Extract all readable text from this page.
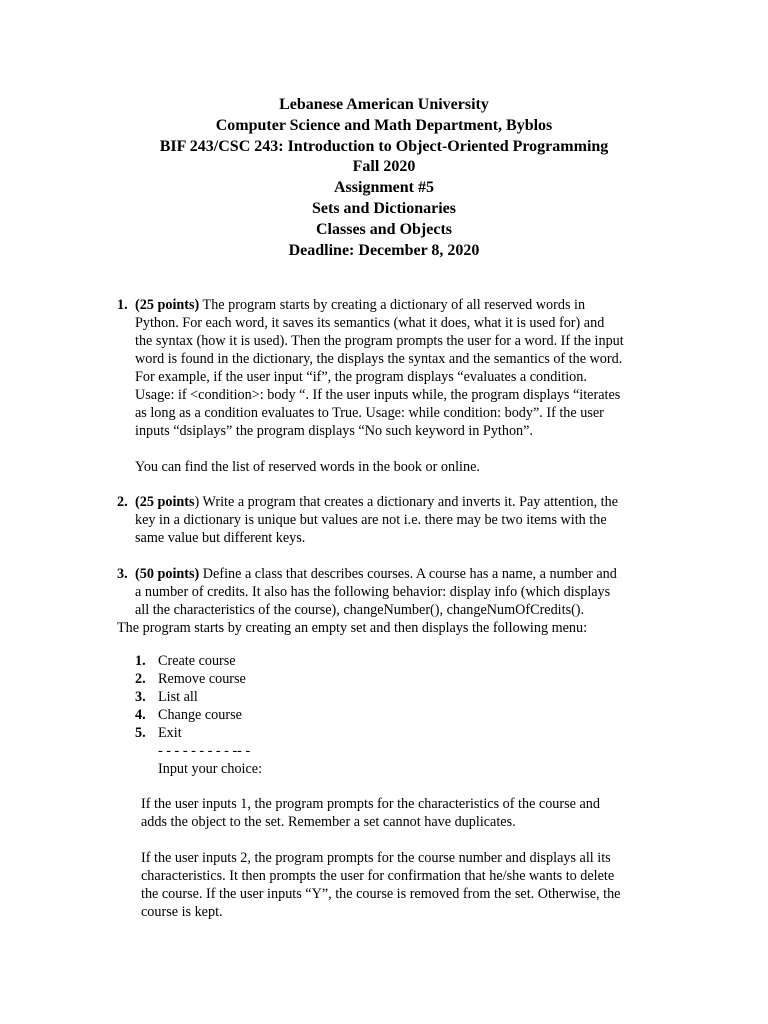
Lebanese American University
Computer Science and Math Department, Byblos
BIF 243/CSC 243: Introduction to Object-Oriented Programming
Fall 2020
Assignment #5
Sets and Dictionaries
Classes and Objects
Deadline: December 8, 2020
1. (25 points) The program starts by creating a dictionary of all reserved words in
Python. For each word, it saves its semantics (what it does, what it is used for) and
the syntax (how it is used). Then the program prompts the user for a word. If the input
word is found in the dictionary, the displays the syntax and the semantics of the word.
For example, if the user input “if”, the program displays “evaluates a condition.
Usage: if <condition>: body “. If the user inputs while, the program displays “iterates
as long as a condition evaluates to True. Usage: while condition: body”. If the user
inputs “dsiplays” the program displays “No such keyword in Python”.
You can find the list of reserved words in the book or online.
2. (25 points) Write a program that creates a dictionary and inverts it. Pay attention, the
key in a dictionary is unique but values are not i.e. there may be two items with the
same value but different keys.
3. (50 points) Define a class that describes courses. A course has a name, a number and
a number of credits. It also has the following behavior: display info (which displays
all the characteristics of the course), changeNumber(), changeNumOfCredits().
The program starts by creating an empty set and then displays the following menu:
1. Create course
2. Remove course
3. List all
4. Change course
5. Exit
- - - - - - - - - -- -
Input your choice:
If the user inputs 1, the program prompts for the characteristics of the course and
adds the object to the set. Remember a set cannot have duplicates.
If the user inputs 2, the program prompts for the course number and displays all its
characteristics. It then prompts the user for confirmation that he/she wants to delete
the course. If the user inputs “Y”, the course is removed from the set. Otherwise, the
course is kept.
